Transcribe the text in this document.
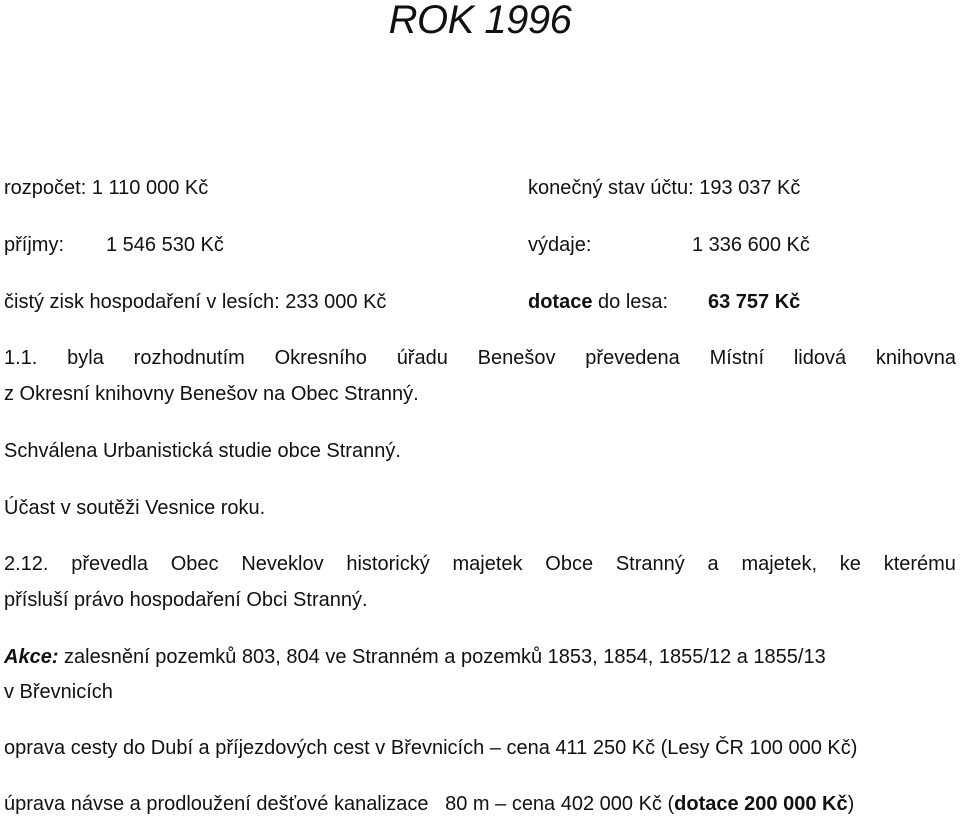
ROK 1996
rozpočet: 1 110 000 Kč	konečný stav účtu: 193 037 Kč
příjmy: 1 546 530 Kč	výdaje:	1 336 600 Kč
čistý zisk hospodaření v lesích: 233 000 Kč	dotace do lesa: 63 757 Kč
1.1. byla rozhodnutím Okresního úřadu Benešov převedena Místní lidová knihovna
z Okresní knihovny Benešov na Obec Stranný.
Schválena Urbanistická studie obce Stranný.
Účast v soutěži Vesnice roku.
2.12. převedla Obec Neveklov historický majetek Obce Stranný a majetek, ke kterému
přísluší právo hospodaření Obci Stranný.
Akce: zalesnění pozemků 803, 804 ve Stranném a pozemků 1853, 1854, 1855/12 a 1855/13
v Břevnicích
oprava cesty do Dubí a příjezdových cest v Břevnicích – cena 411 250 Kč (Lesy ČR 100 000 Kč)
úprava návse a prodloužení dešťové kanalizace   80 m – cena 402 000 Kč (dotace 200 000 Kč)
